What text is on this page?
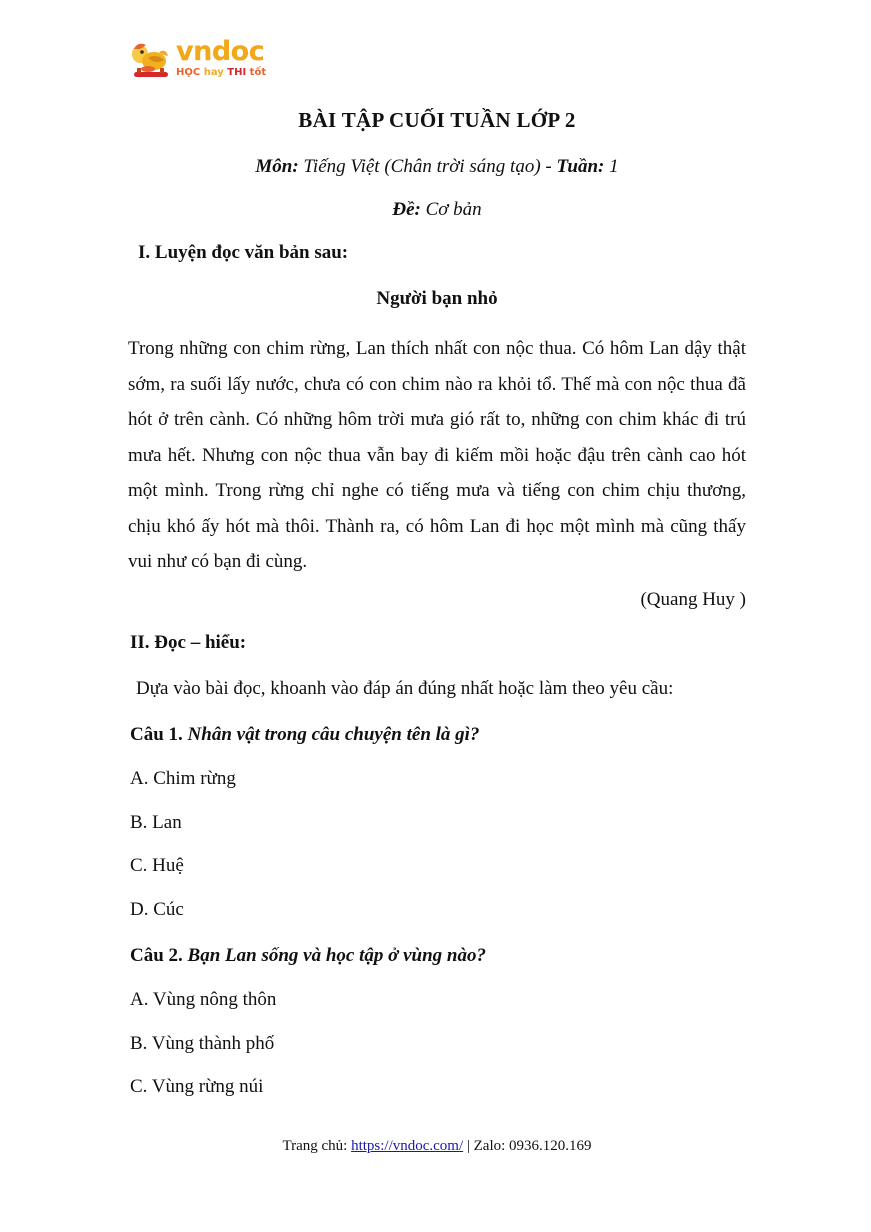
vndoc
HỌC hay THI tốt
BÀI TẬP CUỐI TUẦN LỚP 2
Môn: Tiếng Việt (Chân trời sáng tạo) - Tuần: 1
Đề: Cơ bản
I. Luyện đọc văn bản sau:
Người bạn nhỏ
Trong những con chim rừng, Lan thích nhất con nộc thua. Có hôm Lan dậy thật sớm, ra suối lấy nước, chưa có con chim nào ra khỏi tổ. Thế mà con nộc thua đã hót ở trên cành. Có những hôm trời mưa gió rất to, những con chim khác đi trú mưa hết. Nhưng con nộc thua vẫn bay đi kiếm mồi hoặc đậu trên cành cao hót một mình. Trong rừng chỉ nghe có tiếng mưa và tiếng con chim chịu thương, chịu khó ấy hót mà thôi. Thành ra, có hôm Lan đi học một mình mà cũng thấy vui như có bạn đi cùng.
(Quang Huy )
II. Đọc – hiểu:
Dựa vào bài đọc, khoanh vào đáp án đúng nhất hoặc làm theo yêu cầu:
Câu 1. Nhân vật trong câu chuyện tên là gì?
A. Chim rừng
B. Lan
C. Huệ
D. Cúc
Câu 2. Bạn Lan sống và học tập ở vùng nào?
A. Vùng nông thôn
B. Vùng thành phố
C. Vùng rừng núi
Trang chủ: https://vndoc.com/ | Zalo: 0936.120.169
